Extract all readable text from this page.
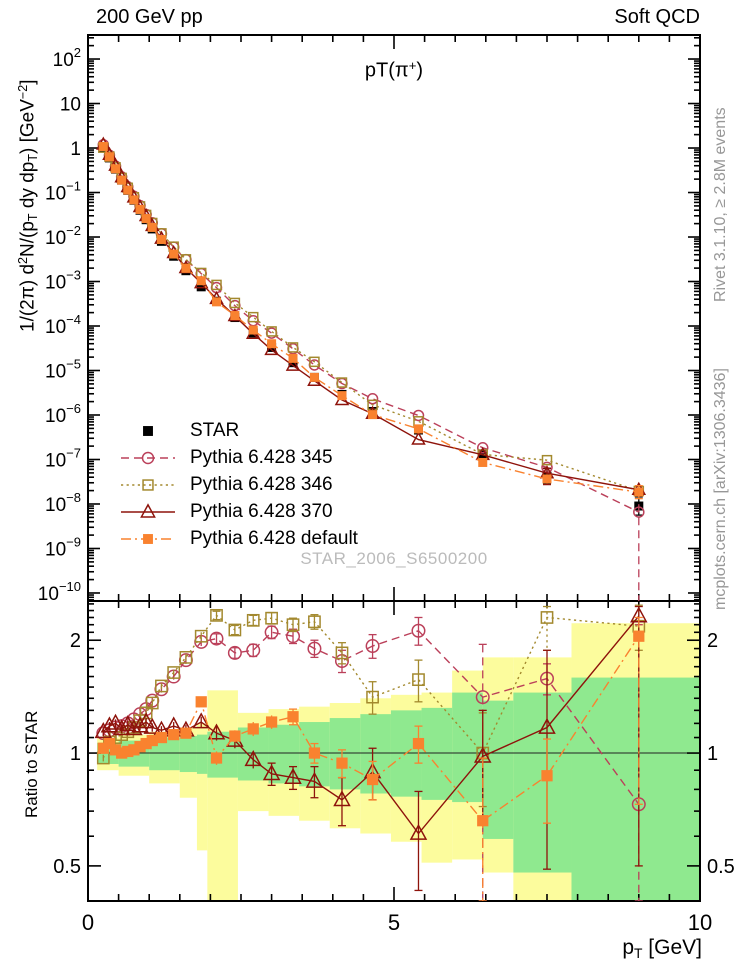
200 GeV pp	Soft QCD
pT(π+)
1/(2π) $d^2N/(p_T$ dy $dp_T$) [GeV$^{-2}$]
Ratio to STAR
Rivet 3.1.10, ≥ 2.8M events
mcplots.cern.ch [arXiv:1306.3436]
STAR_2006_S6500200
$p_T$ [GeV]
$10^2$
10
1
$10^{-1}$
$10^{-2}$
$10^{-3}$
$10^{-4}$
$10^{-5}$
$10^{-6}$
$10^{-7}$
$10^{-8}$
$10^{-9}$
$10^{-10}$
2	2
1	1
0.5	0.5
0	5	10
STAR
Pythia 6.428 345
Pythia 6.428 346
Pythia 6.428 370
Pythia 6.428 default
